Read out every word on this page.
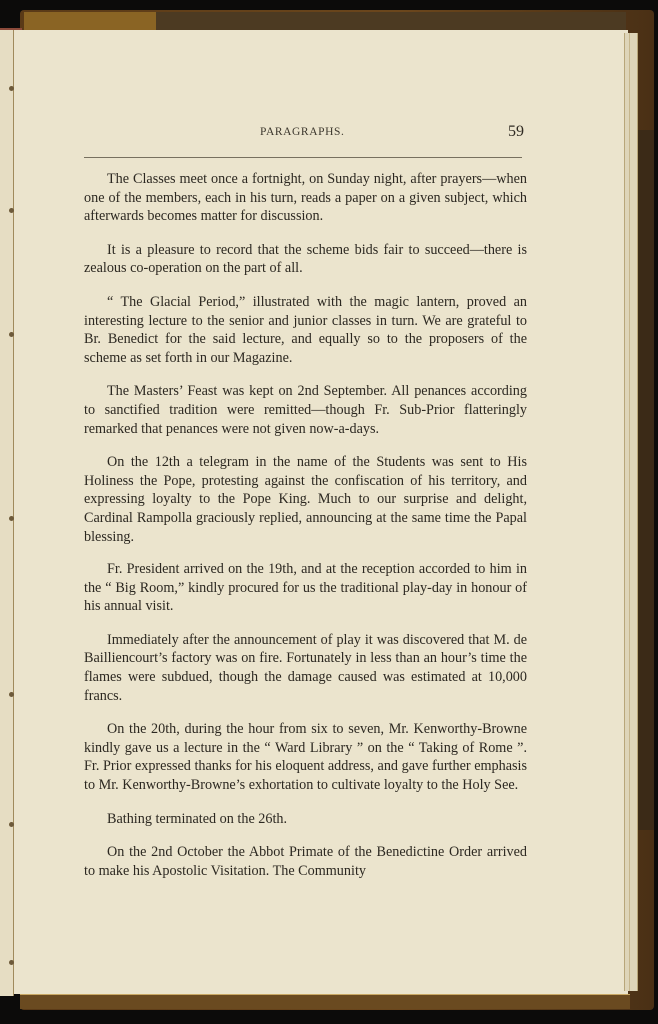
PARAGRAPHS.	59

The Classes meet once a fortnight, on Sunday night, after prayers—when one of the members, each in his turn, reads a paper on a given subject, which afterwards becomes matter for discussion.

It is a pleasure to record that the scheme bids fair to succeed—there is zealous co-operation on the part of all.

“ The Glacial Period,” illustrated with the magic lantern, proved an interesting lecture to the senior and junior classes in turn. We are grateful to Br. Benedict for the said lecture, and equally so to the proposers of the scheme as set forth in our Magazine.

The Masters’ Feast was kept on 2nd September. All penances according to sanctified tradition were remitted—though Fr. Sub-Prior flatteringly remarked that penances were not given now-a-days.

On the 12th a telegram in the name of the Students was sent to His Holiness the Pope, protesting against the confiscation of his territory, and expressing loyalty to the Pope King. Much to our surprise and delight, Cardinal Rampolla graciously replied, announcing at the same time the Papal blessing.

Fr. President arrived on the 19th, and at the reception accorded to him in the “ Big Room,” kindly procured for us the traditional play-day in honour of his annual visit.

Immediately after the announcement of play it was discovered that M. de Bailliencourt’s factory was on fire. Fortunately in less than an hour’s time the flames were subdued, though the damage caused was estimated at 10,000 francs.

On the 20th, during the hour from six to seven, Mr. Kenworthy-Browne kindly gave us a lecture in the “ Ward Library ” on the “ Taking of Rome ”. Fr. Prior expressed thanks for his eloquent address, and gave further emphasis to Mr. Kenworthy-Browne’s exhortation to cultivate loyalty to the Holy See.

Bathing terminated on the 26th.

On the 2nd October the Abbot Primate of the Benedictine Order arrived to make his Apostolic Visitation. The Community
